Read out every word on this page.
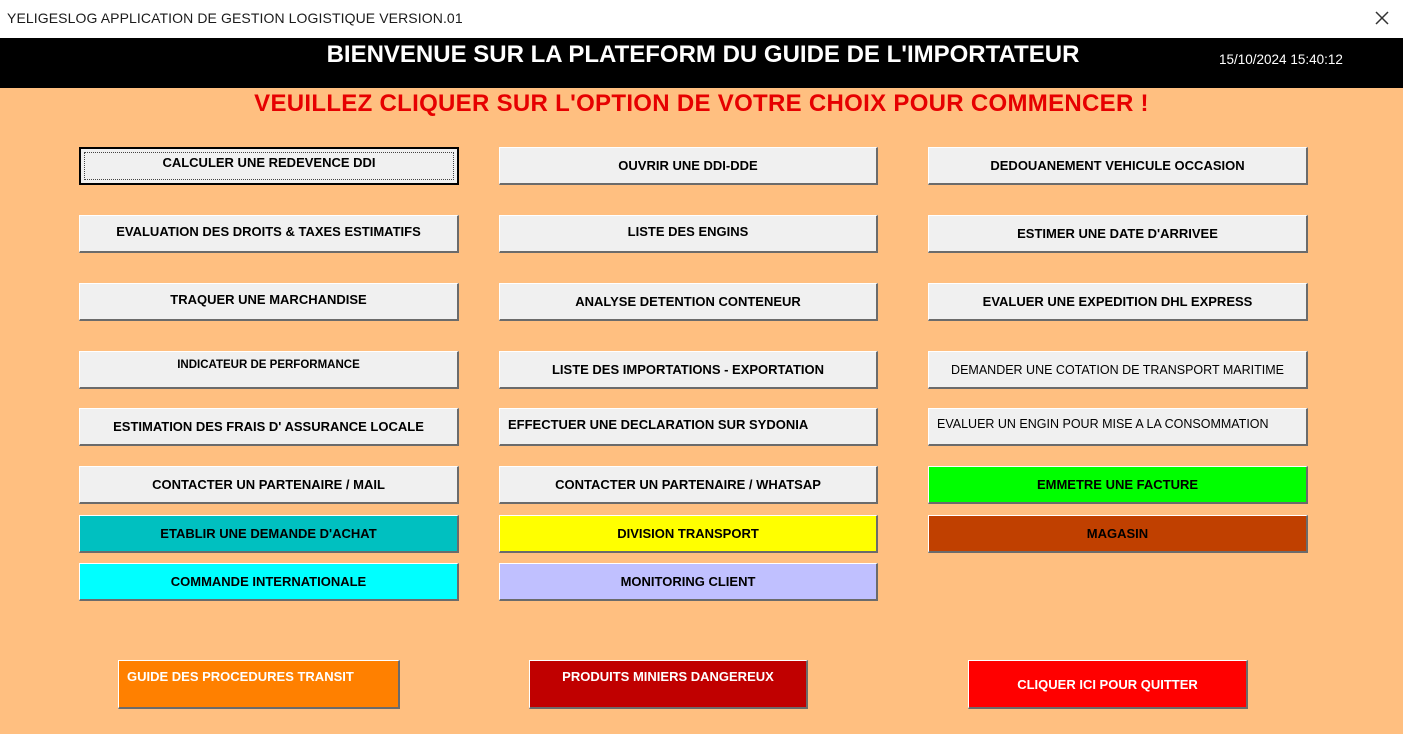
YELIGESLOG APPLICATION DE GESTION LOGISTIQUE VERSION.01
BIENVENUE SUR LA PLATEFORM DU GUIDE DE L'IMPORTATEUR	15/10/2024 15:40:12
VEUILLEZ CLIQUER SUR L'OPTION DE VOTRE CHOIX POUR COMMENCER !
CALCULER UNE REDEVENCE DDI	OUVRIR UNE DDI-DDE	DEDOUANEMENT VEHICULE OCCASION
EVALUATION DES DROITS & TAXES ESTIMATIFS	LISTE DES ENGINS	ESTIMER UNE DATE D'ARRIVEE
TRAQUER UNE MARCHANDISE	ANALYSE DETENTION CONTENEUR	EVALUER UNE EXPEDITION DHL EXPRESS
INDICATEUR DE PERFORMANCE	LISTE DES IMPORTATIONS - EXPORTATION	DEMANDER UNE COTATION DE TRANSPORT MARITIME
ESTIMATION DES FRAIS D' ASSURANCE LOCALE	EFFECTUER UNE DECLARATION SUR SYDONIA	EVALUER UN ENGIN POUR MISE A LA CONSOMMATION
CONTACTER UN PARTENAIRE / MAIL	CONTACTER UN PARTENAIRE / WHATSAP	EMMETRE UNE FACTURE
ETABLIR UNE DEMANDE D'ACHAT	DIVISION TRANSPORT	MAGASIN
COMMANDE INTERNATIONALE	MONITORING CLIENT
GUIDE DES PROCEDURES TRANSIT	PRODUITS MINIERS DANGEREUX	CLIQUER ICI POUR QUITTER
